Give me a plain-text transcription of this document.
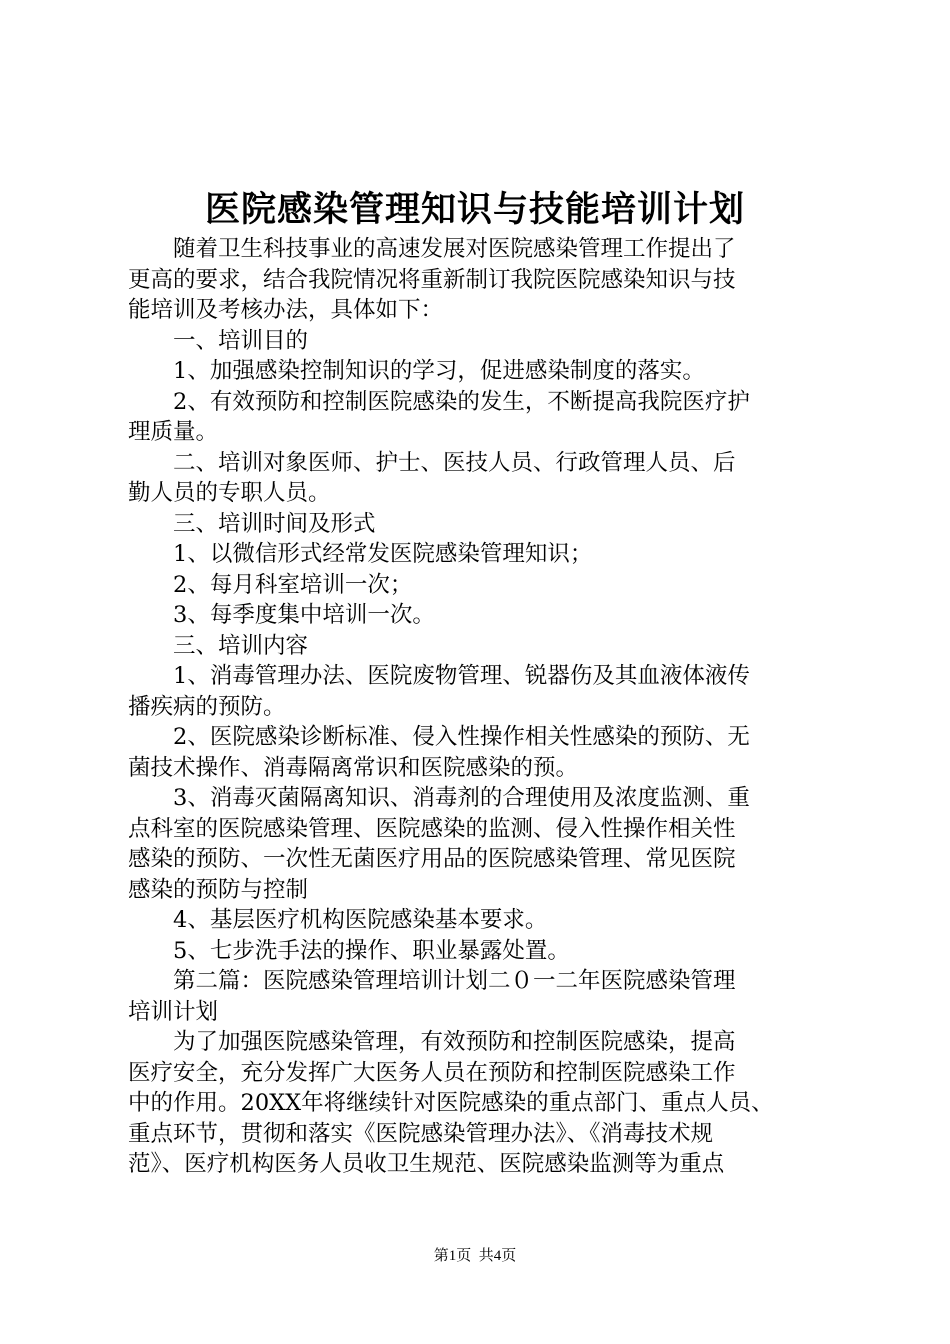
医院感染管理知识与技能培训计划

　　随着卫生科技事业的高速发展对医院感染管理工作提出了

更高的要求，结合我院情况将重新制订我院医院感染知识与技

能培训及考核办法，具体如下：

　　一、培训目的

　　1、加强感染控制知识的学习，促进感染制度的落实。

　　2、有效预防和控制医院感染的发生，不断提高我院医疗护

理质量。

　　二、培训对象医师、护士、医技人员、行政管理人员、后

勤人员的专职人员。

　　三、培训时间及形式

　　1、以微信形式经常发医院感染管理知识；

　　2、每月科室培训一次；

　　3、每季度集中培训一次。

　　三、培训内容

　　1、消毒管理办法、医院废物管理、锐器伤及其血液体液传

播疾病的预防。

　　2、医院感染诊断标准、侵入性操作相关性感染的预防、无

菌技术操作、消毒隔离常识和医院感染的预。

　　3、消毒灭菌隔离知识、消毒剂的合理使用及浓度监测、重

点科室的医院感染管理、医院感染的监测、侵入性操作相关性

感染的预防、一次性无菌医疗用品的医院感染管理、常见医院

感染的预防与控制

　　4、基层医疗机构医院感染基本要求。

　　5、七步洗手法的操作、职业暴露处置。

　　第二篇：医院感染管理培训计划二０一二年医院感染管理

培训计划

　　为了加强医院感染管理，有效预防和控制医院感染，提高

医疗安全，充分发挥广大医务人员在预防和控制医院感染工作

中的作用。20XX年将继续针对医院感染的重点部门、重点人员、

重点环节，贯彻和落实《医院感染管理办法》、《消毒技术规

范》、医疗机构医务人员收卫生规范、医院感染监测等为重点

第1页  共4页
